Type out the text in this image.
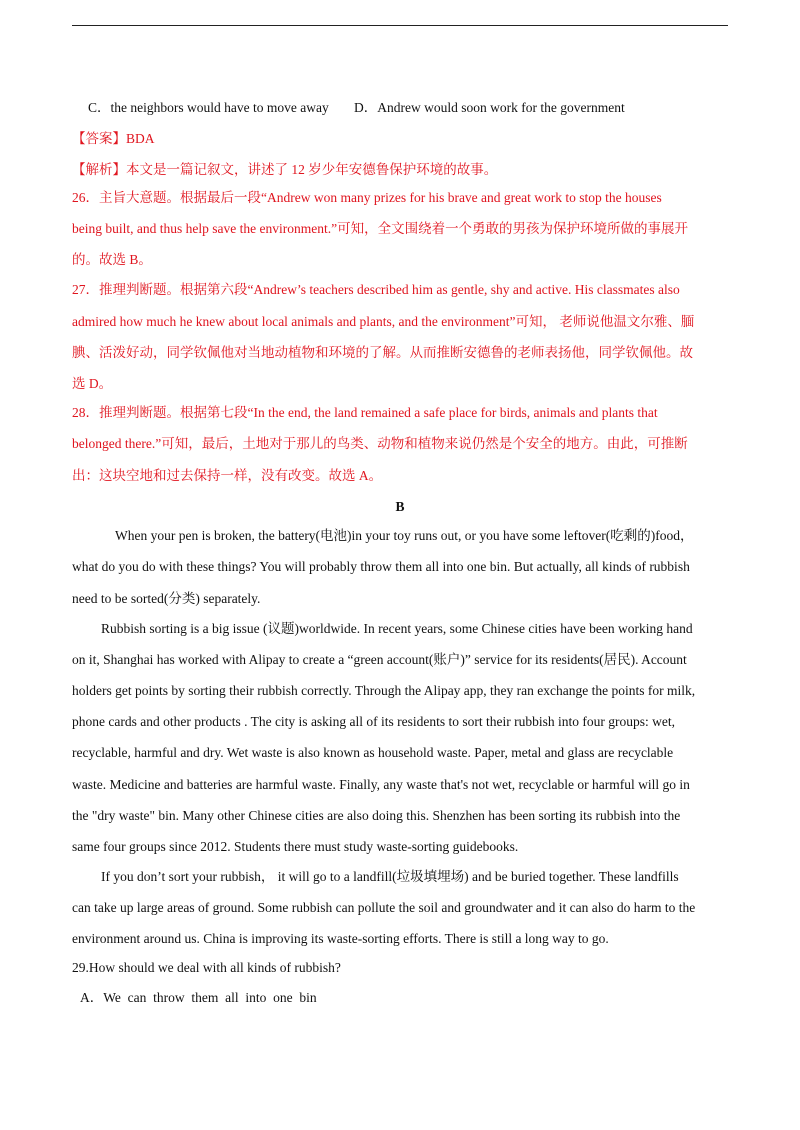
C．the neighbors would have to move away D．Andrew would soon work for the government
【答案】BDA
【解析】本文是一篇记叙文，讲述了 12 岁少年安德鲁保护环境的故事。
26．主旨大意题。根据最后一段“Andrew won many prizes for his brave and great work to stop the houses
being built, and thus help save the environment.”可知，全文围绕着一个勇敢的男孩为保护环境所做的事展开
的。故选 B。
27．推理判断题。根据第六段“Andrew’s teachers described him as gentle, shy and active. His classmates also
admired how much he knew about local animals and plants, and the environment”可知， 老师说他温文尔雅、腼
腆、活泼好动，同学钦佩他对当地动植物和环境的了解。从而推断安德鲁的老师表扬他，同学钦佩他。故
选 D。
28．推理判断题。根据第七段“In the end, the land remained a safe place for birds, animals and plants that
belonged there.”可知，最后，土地对于那儿的鸟类、动物和植物来说仍然是个安全的地方。由此，可推断
出：这块空地和过去保持一样，没有改变。故选 A。
B
When your pen is broken, the battery(电池)in your toy runs out, or you have some leftover(吃剩的)food，
what do you do with these things? You will probably throw them all into one bin. But actually, all kinds of rubbish
need to be sorted(分类) separately.
Rubbish sorting is a big issue (议题)worldwide. In recent years, some Chinese cities have been working hand
on it, Shanghai has worked with Alipay to create a “green account(账户)” service for its residents(居民). Account
holders get points by sorting their rubbish correctly. Through the Alipay app, they ran exchange the points for milk,
phone cards and other products . The city is asking all of its residents to sort their rubbish into four groups: wet,
recyclable, harmful and dry. Wet waste is also known as household waste. Paper, metal and glass are recyclable
waste. Medicine and batteries are harmful waste. Finally, any waste that's not wet, recyclable or harmful will go in
the "dry waste" bin. Many other Chinese cities are also doing this. Shenzhen has been sorting its rubbish into the
same four groups since 2012. Students there must study waste-sorting guidebooks.
If you don’t sort your rubbish， it will go to a landfill(垃圾填埋场) and be buried together. These landfills
can take up large areas of ground. Some rubbish can pollute the soil and groundwater and it can also do harm to the
environment around us. China is improving its waste-sorting efforts. There is still a long way to go.
29.How should we deal with all kinds of rubbish?
A．We  can  throw  them  all  into  one  bin
